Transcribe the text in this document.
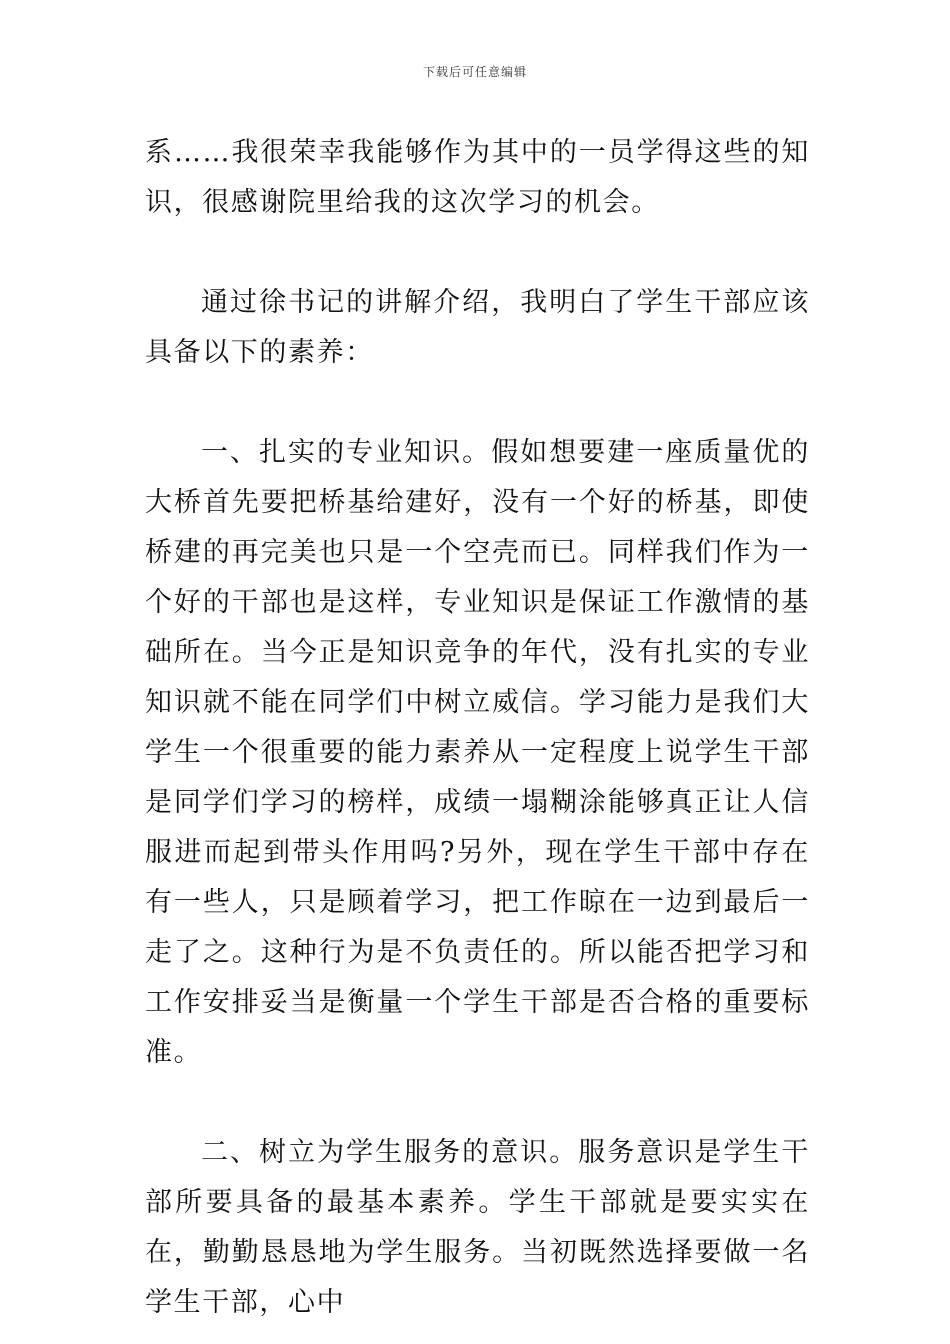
下载后可任意编辑

系……我很荣幸我能够作为其中的一员学得这些的知识，很感谢院里给我的这次学习的机会。

通过徐书记的讲解介绍，我明白了学生干部应该具备以下的素养：

一、扎实的专业知识。假如想要建一座质量优的大桥首先要把桥基给建好，没有一个好的桥基，即使桥建的再完美也只是一个空壳而已。同样我们作为一个好的干部也是这样，专业知识是保证工作激情的基础所在。当今正是知识竞争的年代，没有扎实的专业知识就不能在同学们中树立威信。学习能力是我们大学生一个很重要的能力素养从一定程度上说学生干部是同学们学习的榜样，成绩一塌糊涂能够真正让人信服进而起到带头作用吗?另外，现在学生干部中存在有一些人，只是顾着学习，把工作晾在一边到最后一走了之。这种行为是不负责任的。所以能否把学习和工作安排妥当是衡量一个学生干部是否合格的重要标准。

二、树立为学生服务的意识。服务意识是学生干部所要具备的最基本素养。学生干部就是要实实在在，勤勤恳恳地为学生服务。当初既然选择要做一名学生干部，心中
